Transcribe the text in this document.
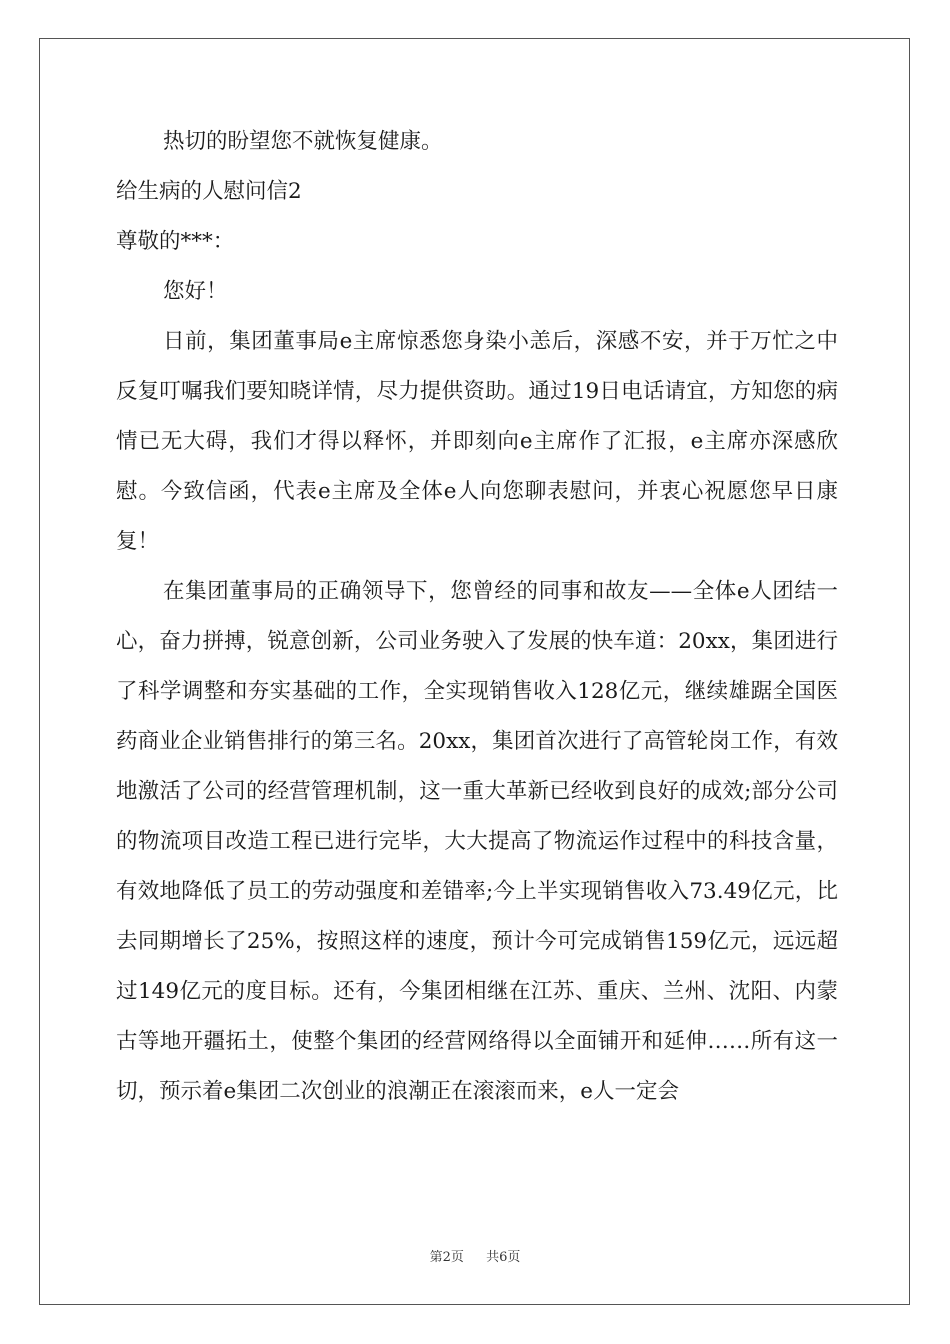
热切的盼望您不就恢复健康。
给生病的人慰问信2
尊敬的***：
您好！

日前，集团董事局e主席惊悉您身染小恙后，深感不安，并于万忙之中反复叮嘱我们要知晓详情，尽力提供资助。通过19日电话请宜，方知您的病情已无大碍，我们才得以释怀，并即刻向e主席作了汇报，e主席亦深感欣慰。今致信函，代表e主席及全体e人向您聊表慰问，并衷心祝愿您早日康复！

在集团董事局的正确领导下，您曾经的同事和故友——全体e人团结一心，奋力拼搏，锐意创新，公司业务驶入了发展的快车道：20xx，集团进行了科学调整和夯实基础的工作，全实现销售收入128亿元，继续雄踞全国医药商业企业销售排行的第三名。20xx，集团首次进行了高管轮岗工作，有效地激活了公司的经营管理机制，这一重大革新已经收到良好的成效;部分公司的物流项目改造工程已进行完毕，大大提高了物流运作过程中的科技含量，有效地降低了员工的劳动强度和差错率;今上半实现销售收入73.49亿元，比去同期增长了25%，按照这样的速度，预计今可完成销售159亿元，远远超过149亿元的度目标。还有，今集团相继在江苏、重庆、兰州、沈阳、内蒙古等地开疆拓土，使整个集团的经营网络得以全面铺开和延伸……所有这一切，预示着e集团二次创业的浪潮正在滚滚而来，e人一定会

第2页 共6页
